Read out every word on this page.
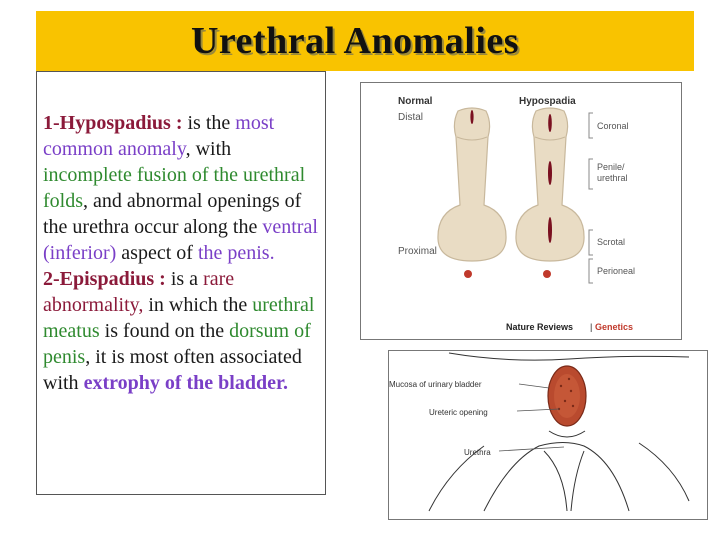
Urethral Anomalies

1-Hypospadius : is the most common anomaly, with incomplete fusion of the urethral folds, and abnormal openings of the urethra occur along the ventral (inferior) aspect of the penis.

2-Epispadius : is a rare abnormality, in which the urethral meatus is found on the dorsum of penis, it is most often associated with extrophy of the bladder.

Normal	Hypospadia
Distal
Proximal
Coronal
Penile/
urethral
Scrotal
Perioneal
Nature Reviews | Genetics
Mucosa of urinary bladder
Ureteric opening
Urethra
